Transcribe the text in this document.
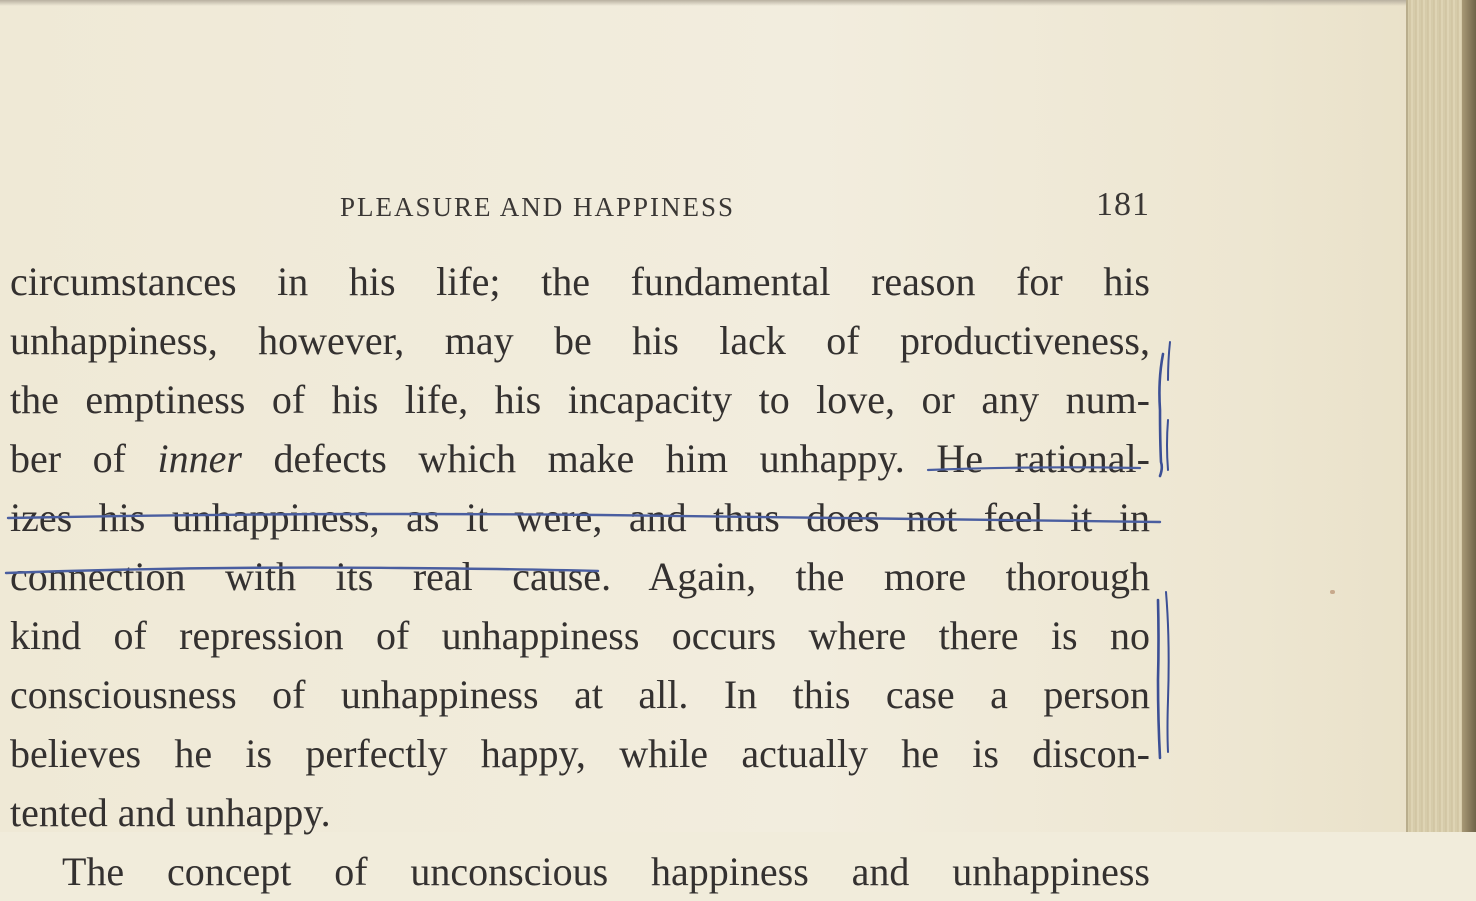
PLEASURE AND HAPPINESS	181
circumstances in his life; the fundamental reason for his
unhappiness, however, may be his lack of productiveness,
the emptiness of his life, his incapacity to love, or any num-
ber of inner defects which make him unhappy. He rational-
izes his unhappiness, as it were, and thus does not feel it in
connection with its real cause. Again, the more thorough
kind of repression of unhappiness occurs where there is no
consciousness of unhappiness at all. In this case a person
believes he is perfectly happy, while actually he is discon-
tented and unhappy.
The concept of unconscious happiness and unhappiness
